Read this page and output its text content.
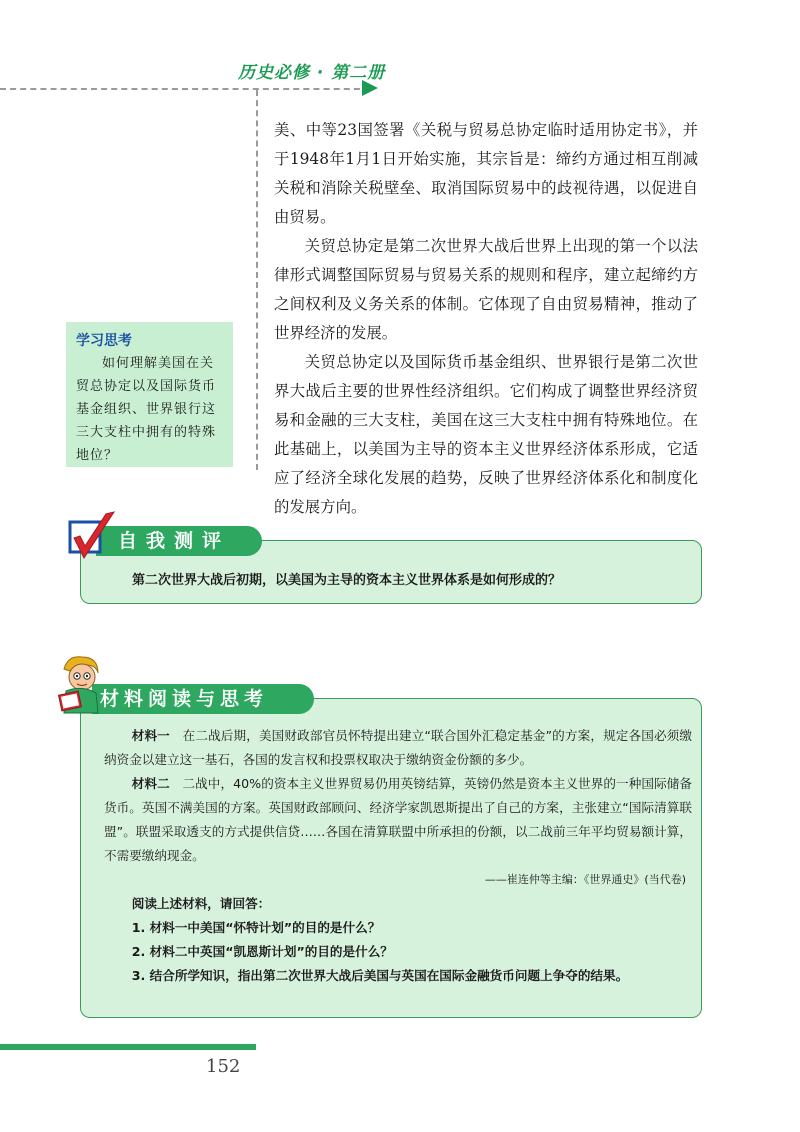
历史必修 · 第二册

美、中等23国签署《关税与贸易总协定临时适用协定书》，并于1948年1月1日开始实施，其宗旨是：缔约方通过相互削减关税和消除关税壁垒、取消国际贸易中的歧视待遇，以促进自由贸易。

关贸总协定是第二次世界大战后世界上出现的第一个以法律形式调整国际贸易与贸易关系的规则和程序，建立起缔约方之间权利及义务关系的体制。它体现了自由贸易精神，推动了世界经济的发展。

关贸总协定以及国际货币基金组织、世界银行是第二次世界大战后主要的世界性经济组织。它们构成了调整世界经济贸易和金融的三大支柱，美国在这三大支柱中拥有特殊地位。在此基础上，以美国为主导的资本主义世界经济体系形成，它适应了经济全球化发展的趋势，反映了世界经济体系化和制度化的发展方向。

学习思考
如何理解美国在关贸总协定以及国际货币基金组织、世界银行这三大支柱中拥有的特殊地位？
自我测评
第二次世界大战后初期，以美国为主导的资本主义世界体系是如何形成的？
材料阅读与思考

材料一　 在二战后期，美国财政部官员怀特提出建立“联合国外汇稳定基金”的方案，规定各国必须缴纳资金以建立这一基石，各国的发言权和投票权取决于缴纳资金份额的多少。

材料二　 二战中，40%的资本主义世界贸易仍用英镑结算，英镑仍然是资本主义世界的一种国际储备货币。英国不满美国的方案。英国财政部顾问、经济学家凯恩斯提出了自己的方案，主张建立“国际清算联盟”。联盟采取透支的方式提供信贷……各国在清算联盟中所承担的份额，以二战前三年平均贸易额计算，不需要缴纳现金。

——崔连仲等主编：《世界通史》(当代卷)

阅读上述材料，请回答：

1. 材料一中美国“怀特计划”的目的是什么？

2. 材料二中英国“凯恩斯计划”的目的是什么？

3. 结合所学知识，指出第二次世界大战后美国与英国在国际金融货币问题上争夺的结果。

152
